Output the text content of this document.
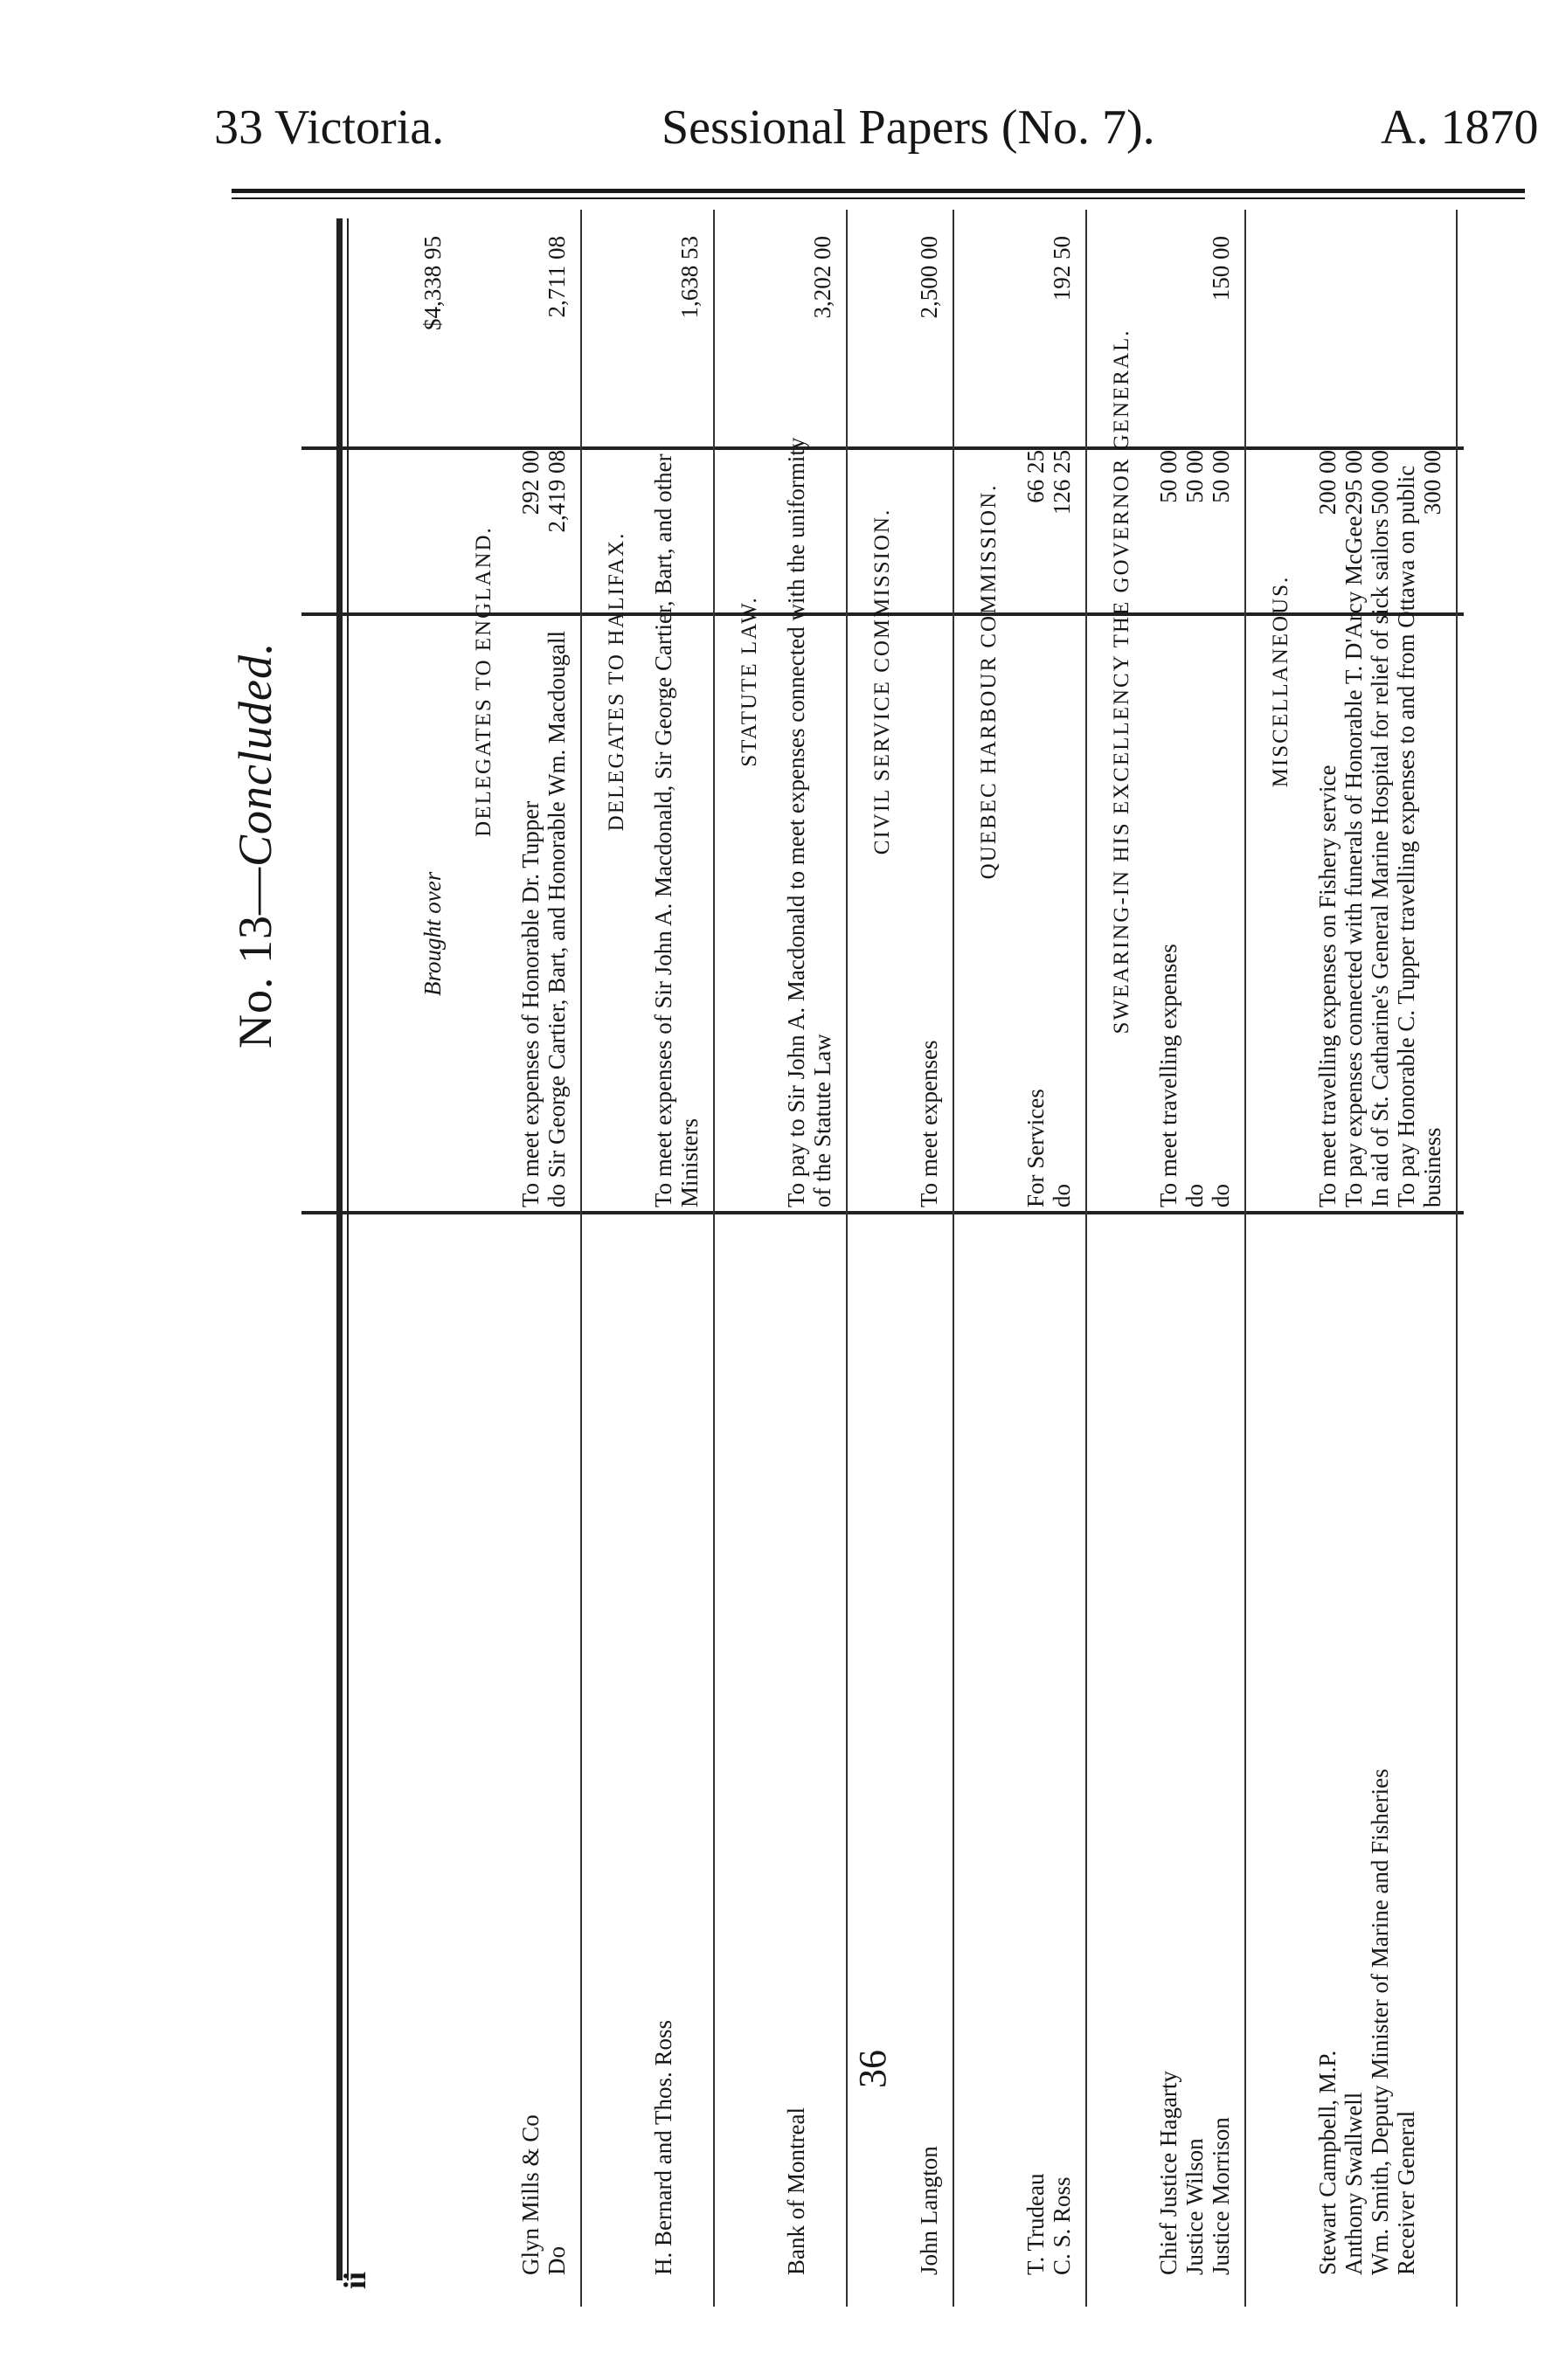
33 Victoria.	Sessional Papers (No. 7).	A. 1870
No. 13—Concluded.
ii
36
Brought over
$4,338 95
DELEGATES TO ENGLAND.
Glyn Mills & Co
To meet expenses of Honorable Dr. Tupper
292 00
Do
do Sir George Cartier, Bart, and Honorable Wm. Macdougall
2,419 08
2,711 08
DELEGATES TO HALIFAX.
H. Bernard and Thos. Ross
To meet expenses of Sir John A. Macdonald, Sir George Cartier, Bart, and other Ministers
1,638 53
STATUTE LAW.
Bank of Montreal
To pay to Sir John A. Macdonald to meet expenses connected with the uniformity of the Statute Law
3,202 00
CIVIL SERVICE COMMISSION.
John Langton
To meet expenses
2,500 00
QUEBEC HARBOUR COMMISSION.
T. Trudeau
For Services
66 25
C. S. Ross
do
126 25
192 50
SWEARING-IN HIS EXCELLENCY THE GOVERNOR GENERAL.
Chief Justice Hagarty
To meet travelling expenses
50 00
Justice Wilson
do
50 00
Justice Morrison
do
50 00
150 00
MISCELLANEOUS.
Stewart Campbell, M.P.
To meet travelling expenses on Fishery service
200 00
Anthony Swallwell
To pay expenses connected with funerals of Honorable T. D'Arcy McGee
295 00
Wm. Smith, Deputy Minister of Marine and Fisheries
In aid of St. Catharine's General Marine Hospital for relief of sick sailors
500 00
Receiver General
To pay Honorable C. Tupper travelling expenses to and from Ottawa on public business
300 00
